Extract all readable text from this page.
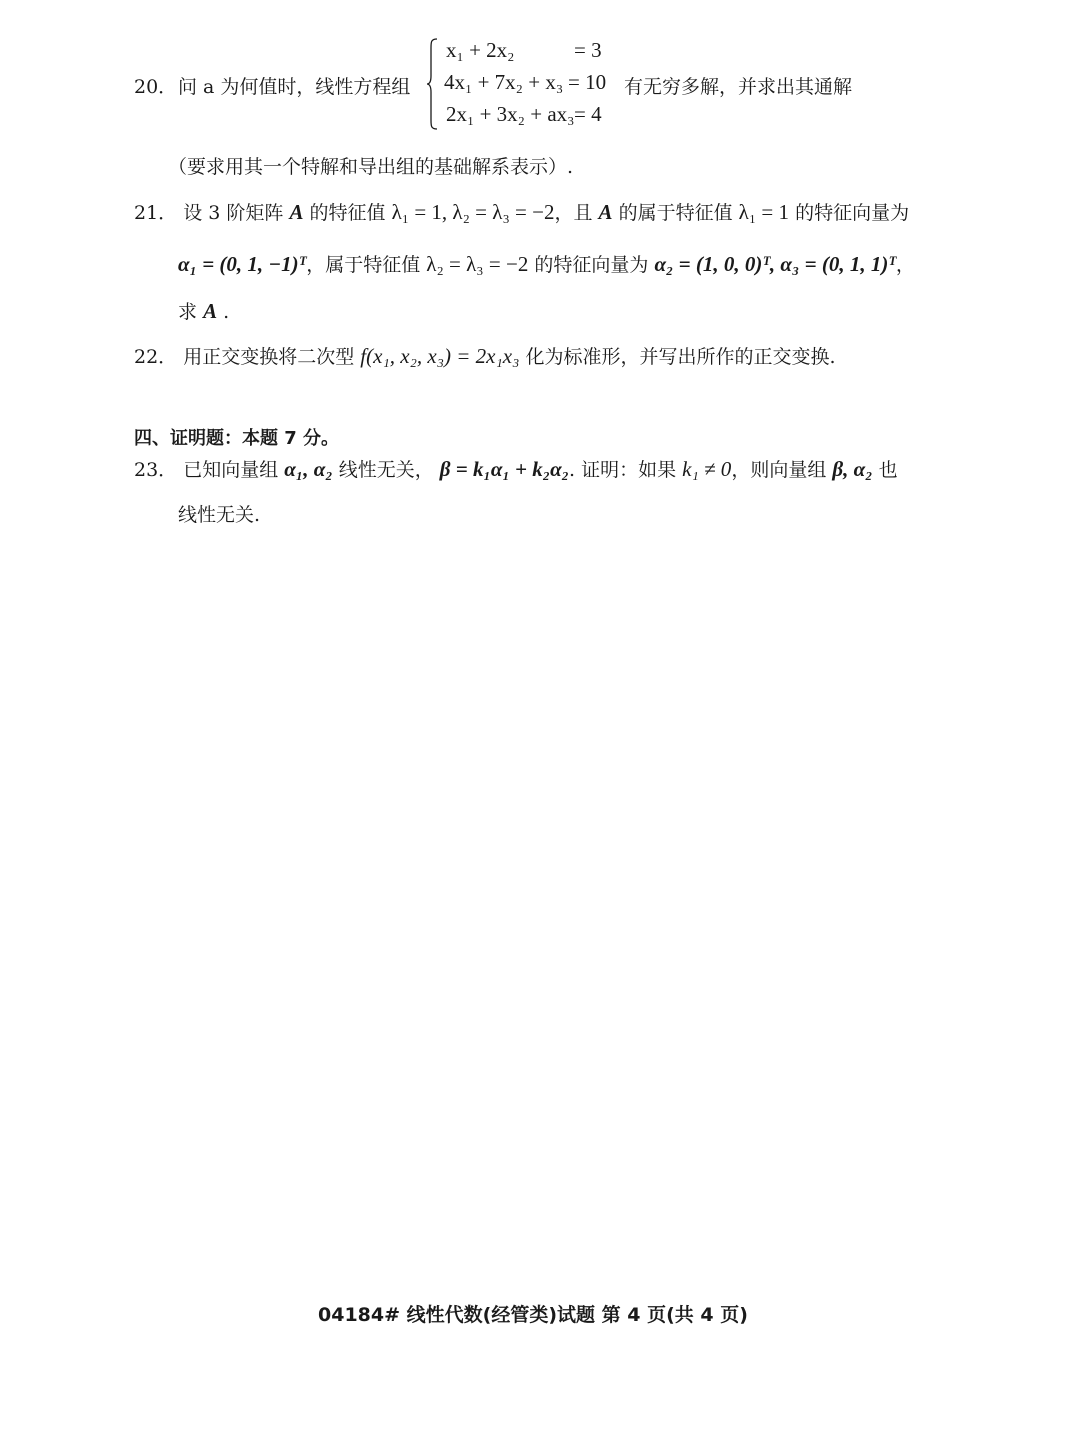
20． 问 a 为何值时，线性方程组
x₁ + 2x₂	= 3
4x₁ + 7x₂ + x₃ = 10
2x₁ + 3x₂ + ax₃ = 4
有无穷多解，并求出其通解
（要求用其一个特解和导出组的基础解系表示）.
21． 设 3 阶矩阵 A 的特征值 λ₁ = 1, λ₂ = λ₃ = −2，且 A 的属于特征值 λ₁ = 1 的特征向量为
α₁ = (0, 1, −1)ᵀ，属于特征值 λ₂ = λ₃ = −2 的特征向量为 α₂ = (1, 0, 0)ᵀ, α₃ = (0, 1, 1)ᵀ，
求 A .
22． 用正交变换将二次型 f(x₁, x₂, x₃) = 2x₁x₃ 化为标准形，并写出所作的正交变换.
四、证明题：本题 7 分。
23． 已知向量组 α₁, α₂ 线性无关， β = k₁α₁ + k₂α₂. 证明：如果 k₁ ≠ 0，则向量组 β, α₂ 也
线性无关.
04184# 线性代数(经管类)试题 第 4 页(共 4 页)
